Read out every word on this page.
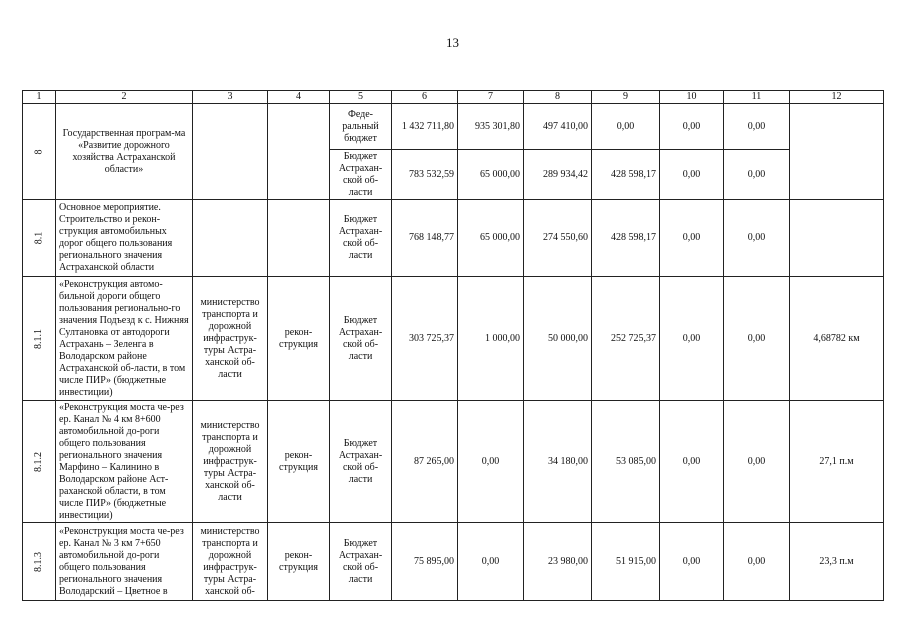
13
1	2	3	4	5	6	7	8	9	10	11	12
8	Государственная програм-ма «Развитие дорожного хозяйства Астраханской области»			Феде-ральный бюджет	1 432 711,80	935 301,80	497 410,00	0,00	0,00	0,00	
				Бюджет Астрахан-ской об-ласти	783 532,59	65 000,00	289 934,42	428 598,17	0,00	0,00	
8.1	Основное мероприятие. Строительство и рекон-струкция автомобильных дорог общего пользования регионального значения Астраханской области			Бюджет Астрахан-ской об-ласти	768 148,77	65 000,00	274 550,60	428 598,17	0,00	0,00	
8.1.1	«Реконструкция автомо-бильной дороги общего пользования регионально-го значения Подъезд к с. Нижняя Султановка от автодороги Астрахань – Зеленга в Володарском районе Астраханской об-ласти, в том числе ПИР» (бюджетные инвестиции)	министерство транспорта и дорожной инфраструк-туры Астра-ханской об-ласти	рекон-струкция	Бюджет Астрахан-ской об-ласти	303 725,37	1 000,00	50 000,00	252 725,37	0,00	0,00	4,68782 км
8.1.2	«Реконструкция моста че-рез ер. Канал № 4 км 8+600 автомобильной до-роги общего пользования регионального значения Марфино – Калинино в Володарском районе Аст-раханской области, в том числе ПИР» (бюджетные инвестиции)	министерство транспорта и дорожной инфраструк-туры Астра-ханской об-ласти	рекон-струкция	Бюджет Астрахан-ской об-ласти	87 265,00	0,00	34 180,00	53 085,00	0,00	0,00	27,1 п.м
8.1.3	«Реконструкция моста че-рез ер. Канал № 3 км 7+650 автомобильной до-роги общего пользования регионального значения Володарский – Цветное в	министерство транспорта и дорожной инфраструк-туры Астра-ханской об-	рекон-струкция	Бюджет Астрахан-ской об-ласти	75 895,00	0,00	23 980,00	51 915,00	0,00	0,00	23,3 п.м
